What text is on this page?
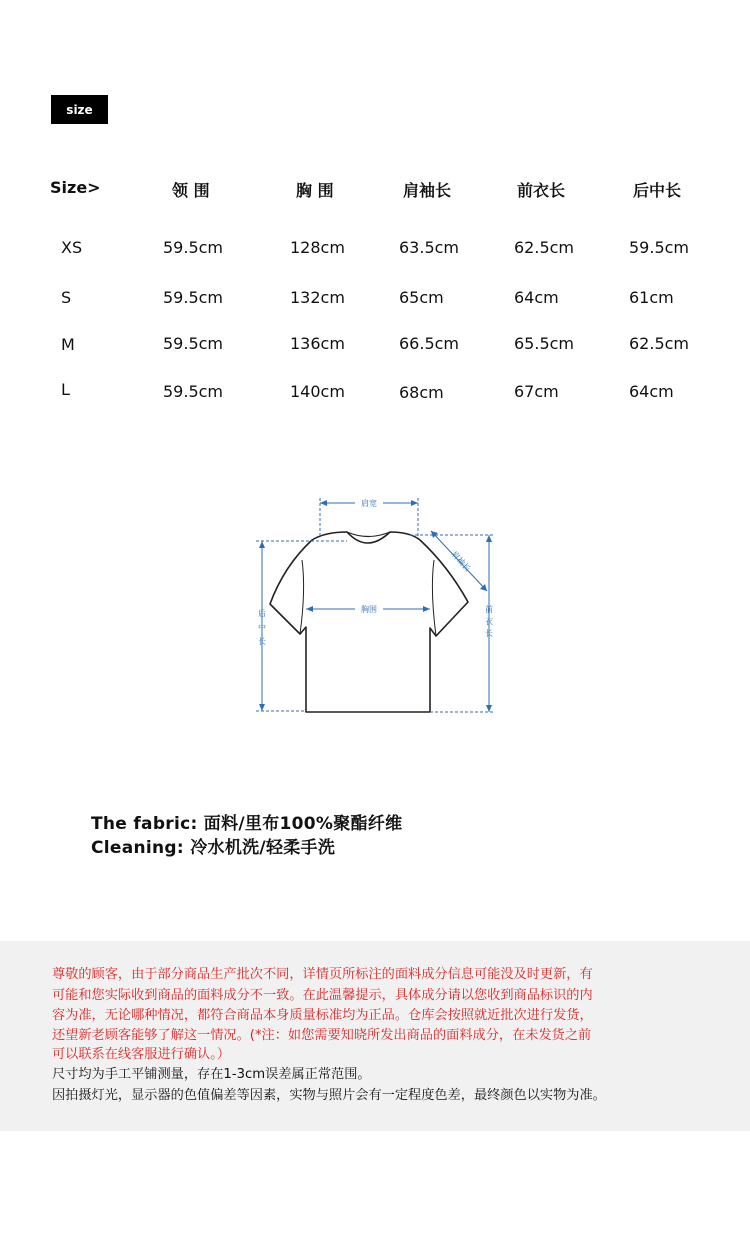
size
Size>	领 围	胸 围	肩袖长	前衣长	后中长
XS	59.5cm	128cm	63.5cm	62.5cm	59.5cm
S	59.5cm	132cm	65cm	64cm	61cm
M	59.5cm	136cm	66.5cm	65.5cm	62.5cm
L	59.5cm	140cm	68cm	67cm	64cm
肩宽
胸围
肩袖长
后
中
长
前
衣
长
The fabric: 面料/里布100%聚酯纤维
Cleaning: 冷水机洗/轻柔手洗
尊敬的顾客，由于部分商品生产批次不同，详情页所标注的面料成分信息可能没及时更新，有
可能和您实际收到商品的面料成分不一致。在此温馨提示，具体成分请以您收到商品标识的内
容为准，无论哪种情况，都符合商品本身质量标准均为正品。仓库会按照就近批次进行发货，
还望新老顾客能够了解这一情况。(*注：如您需要知晓所发出商品的面料成分，在未发货之前
可以联系在线客服进行确认。）
尺寸均为手工平铺测量，存在1-3cm误差属正常范围。
因拍摄灯光，显示器的色值偏差等因素，实物与照片会有一定程度色差，最终颜色以实物为准。
